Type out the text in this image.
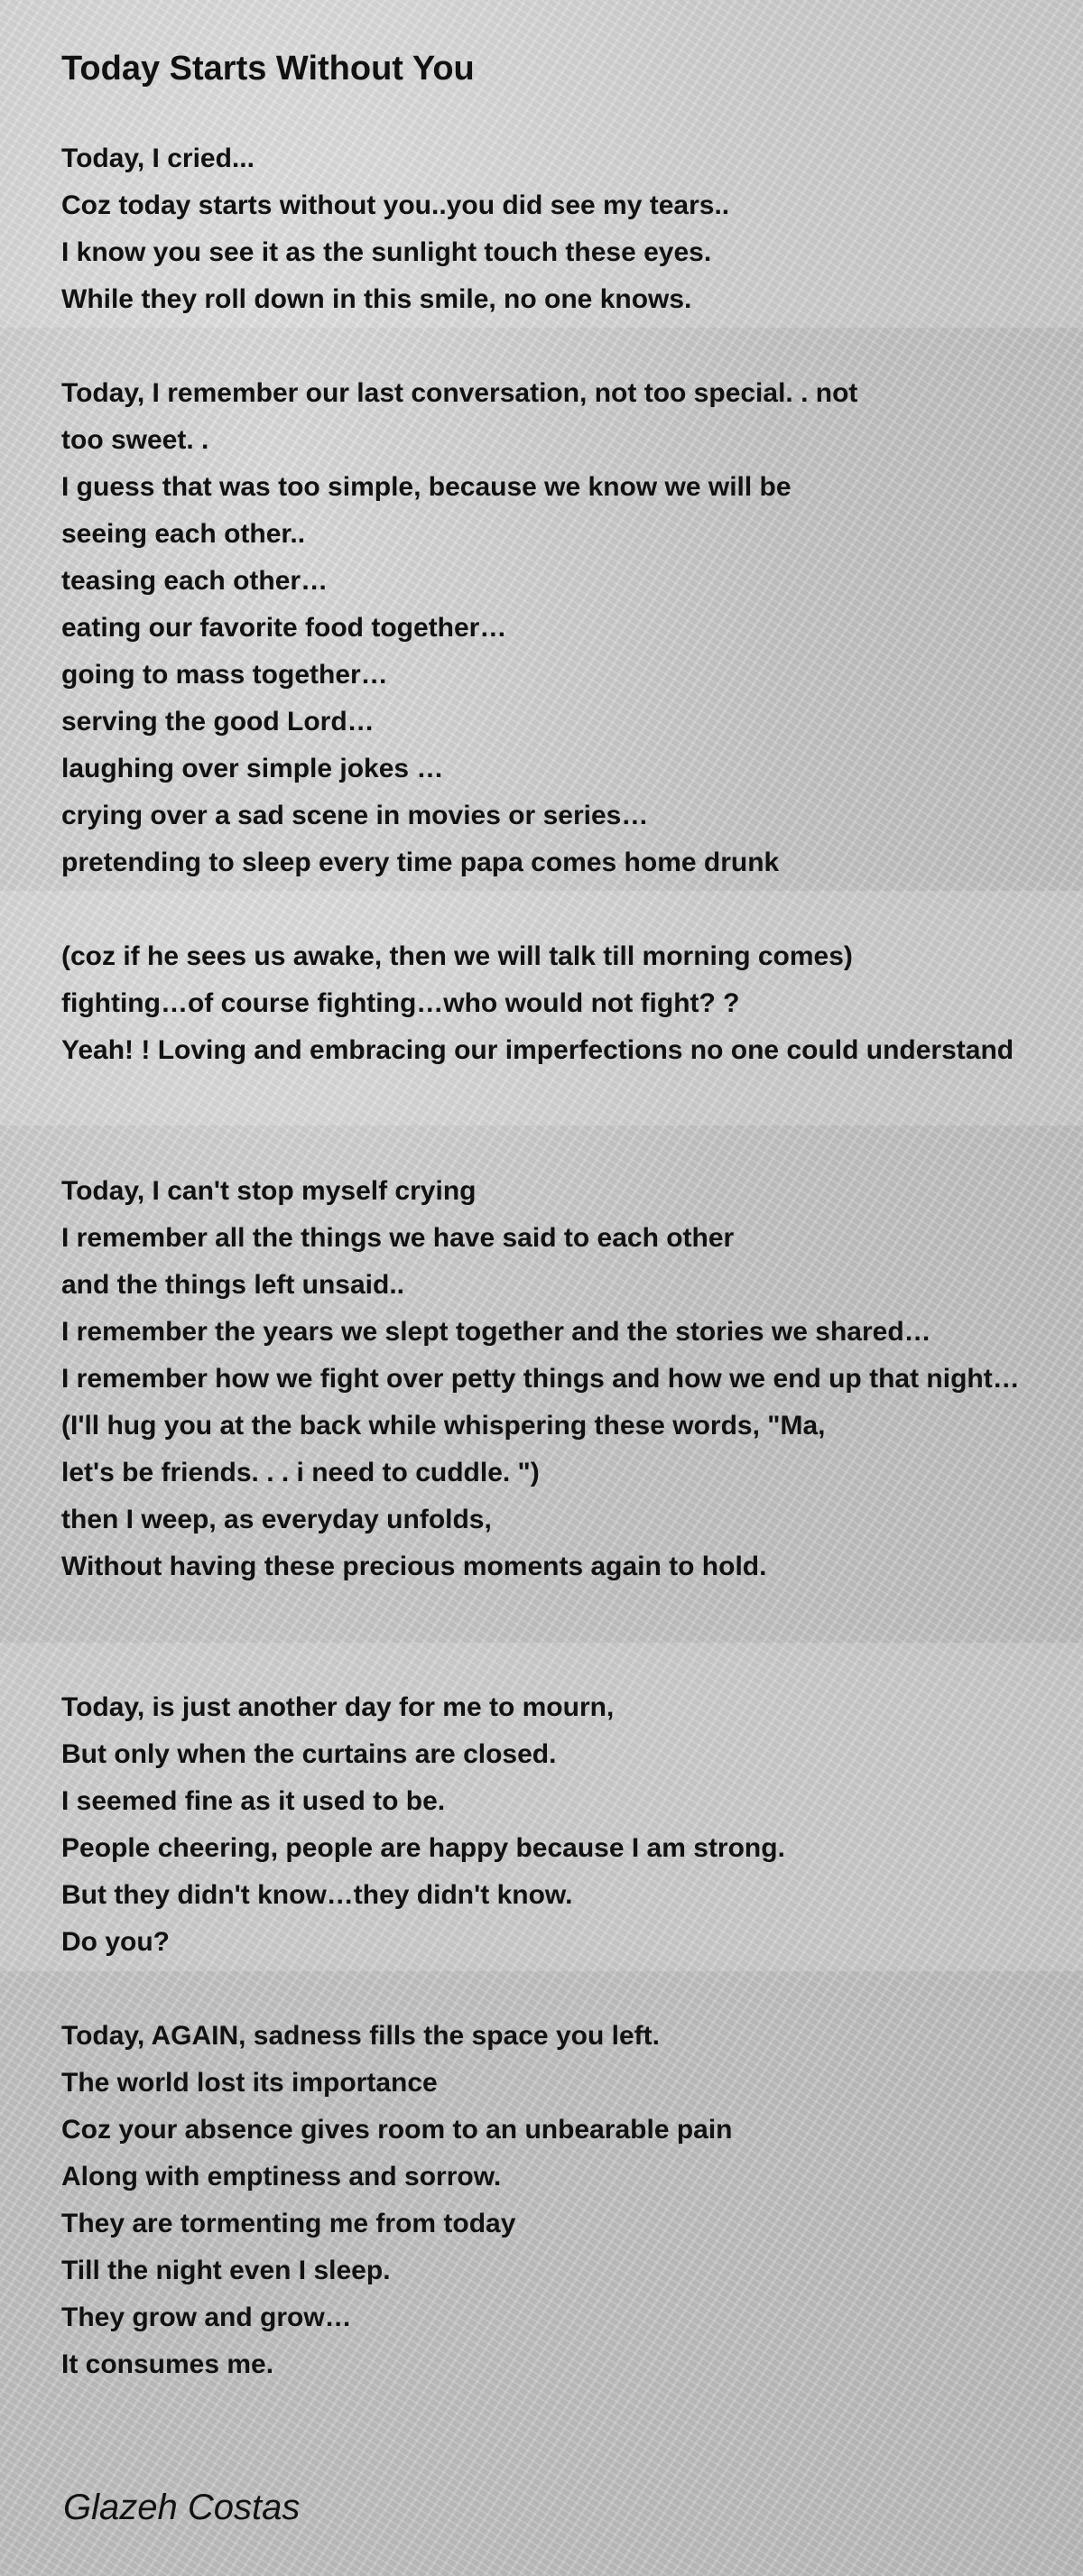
Today Starts Without You
Today, I cried...
Coz today starts without you..you did see my tears..
I know you see it as the sunlight touch these eyes.
While they roll down in this smile, no one knows.
Today, I remember our last conversation, not too special. . not
too sweet. .
I guess that was too simple, because we know we will be
seeing each other..
teasing each other…
eating our favorite food together…
going to mass together…
serving the good Lord…
laughing over simple jokes …
crying over a sad scene in movies or series…
pretending to sleep every time papa comes home drunk
(coz if he sees us awake, then we will talk till morning comes)
fighting…of course fighting…who would not fight? ?
Yeah! ! Loving and embracing our imperfections no one could understand
Today, I can't stop myself crying
I remember all the things we have said to each other
and the things left unsaid..
I remember the years we slept together and the stories we shared…
I remember how we fight over petty things and how we end up that night…
(I'll hug you at the back while whispering these words, "Ma,
let's be friends. . . i need to cuddle. ")
then I weep, as everyday unfolds,
Without having these precious moments again to hold.
Today, is just another day for me to mourn,
But only when the curtains are closed.
I seemed fine as it used to be.
People cheering, people are happy because I am strong.
But they didn't know…they didn't know.
Do you?
Today, AGAIN, sadness fills the space you left.
The world lost its importance
Coz your absence gives room to an unbearable pain
Along with emptiness and sorrow.
They are tormenting me from today
Till the night even I sleep.
They grow and grow…
It consumes me.
Glazeh Costas
